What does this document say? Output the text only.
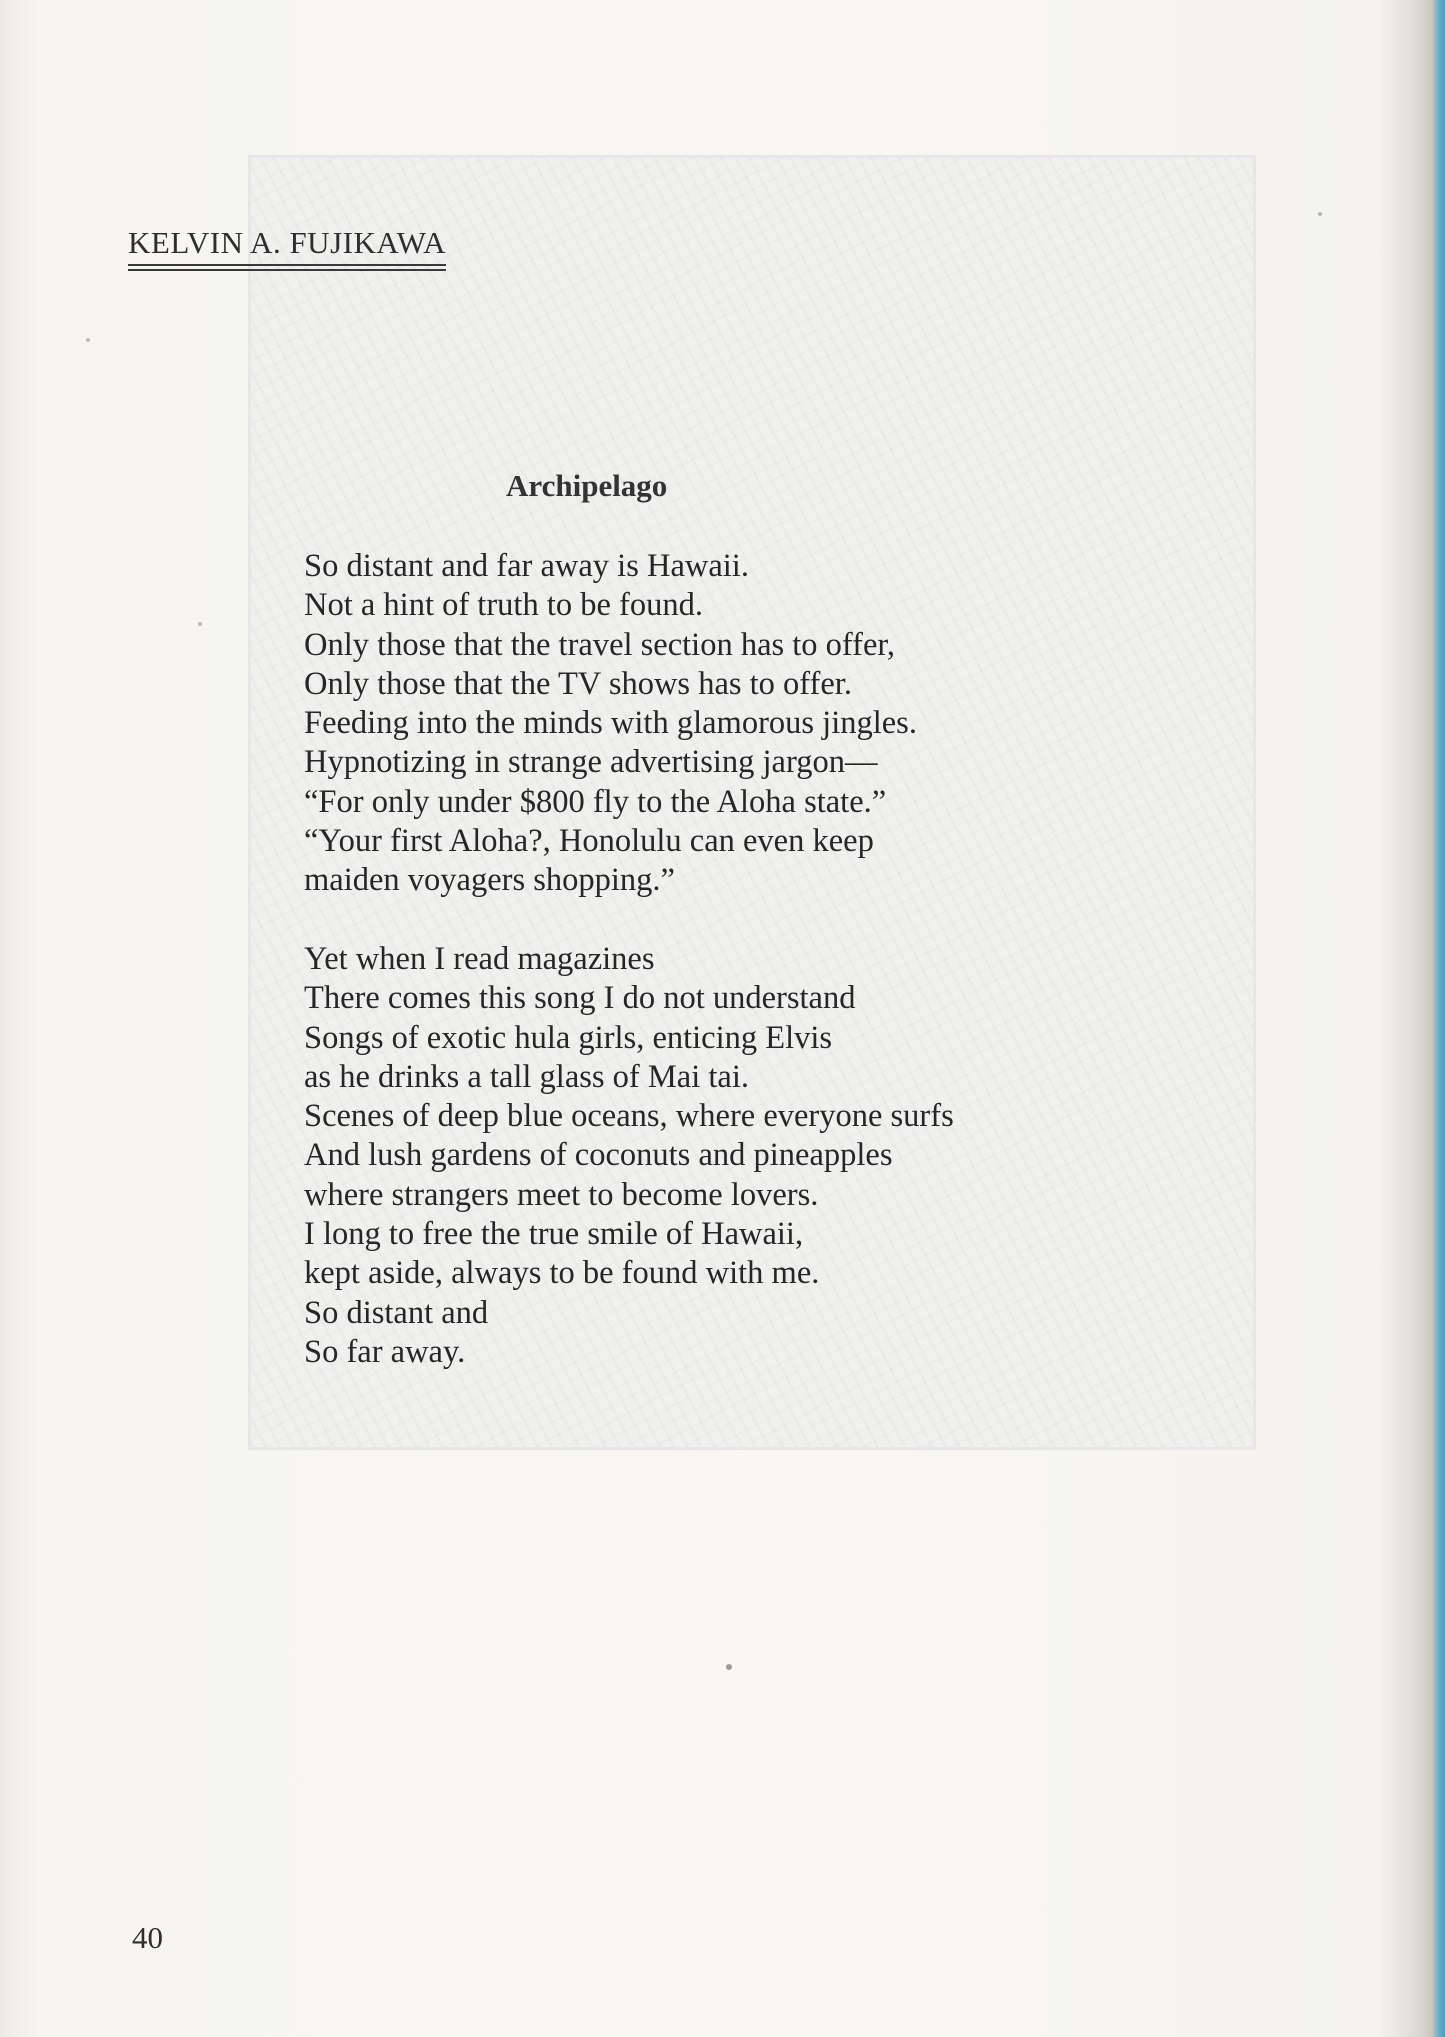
KELVIN A. FUJIKAWA
Archipelago
So distant and far away is Hawaii.
Not a hint of truth to be found.
Only those that the travel section has to offer,
Only those that the TV shows has to offer.
Feeding into the minds with glamorous jingles.
Hypnotizing in strange advertising jargon—
“For only under $800 fly to the Aloha state.”
“Your first Aloha?, Honolulu can even keep
maiden voyagers shopping.”
Yet when I read magazines
There comes this song I do not understand
Songs of exotic hula girls, enticing Elvis
as he drinks a tall glass of Mai tai.
Scenes of deep blue oceans, where everyone surfs
And lush gardens of coconuts and pineapples
where strangers meet to become lovers.
I long to free the true smile of Hawaii,
kept aside, always to be found with me.
So distant and
So far away.
40
